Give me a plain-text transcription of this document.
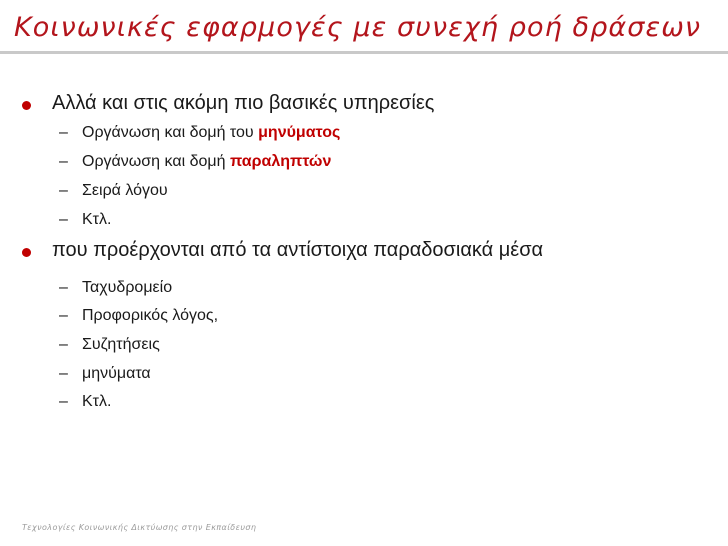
Κοινωνικές εφαρμογές με συνεχή ροή δράσεων
Αλλά και στις ακόμη πιο βασικές υπηρεσίες
– Οργάνωση και δομή του μηνύματος
– Οργάνωση και δομή παραληπτών
– Σειρά λόγου
– Κτλ.
που προέρχονται από τα αντίστοιχα παραδοσιακά μέσα
– Ταχυδρομείο
– Προφορικός λόγος,
– Συζητήσεις
– μηνύματα
– Κτλ.
Τεχνολογίες Κοινωνικής Δικτύωσης στην Εκπαίδευση
